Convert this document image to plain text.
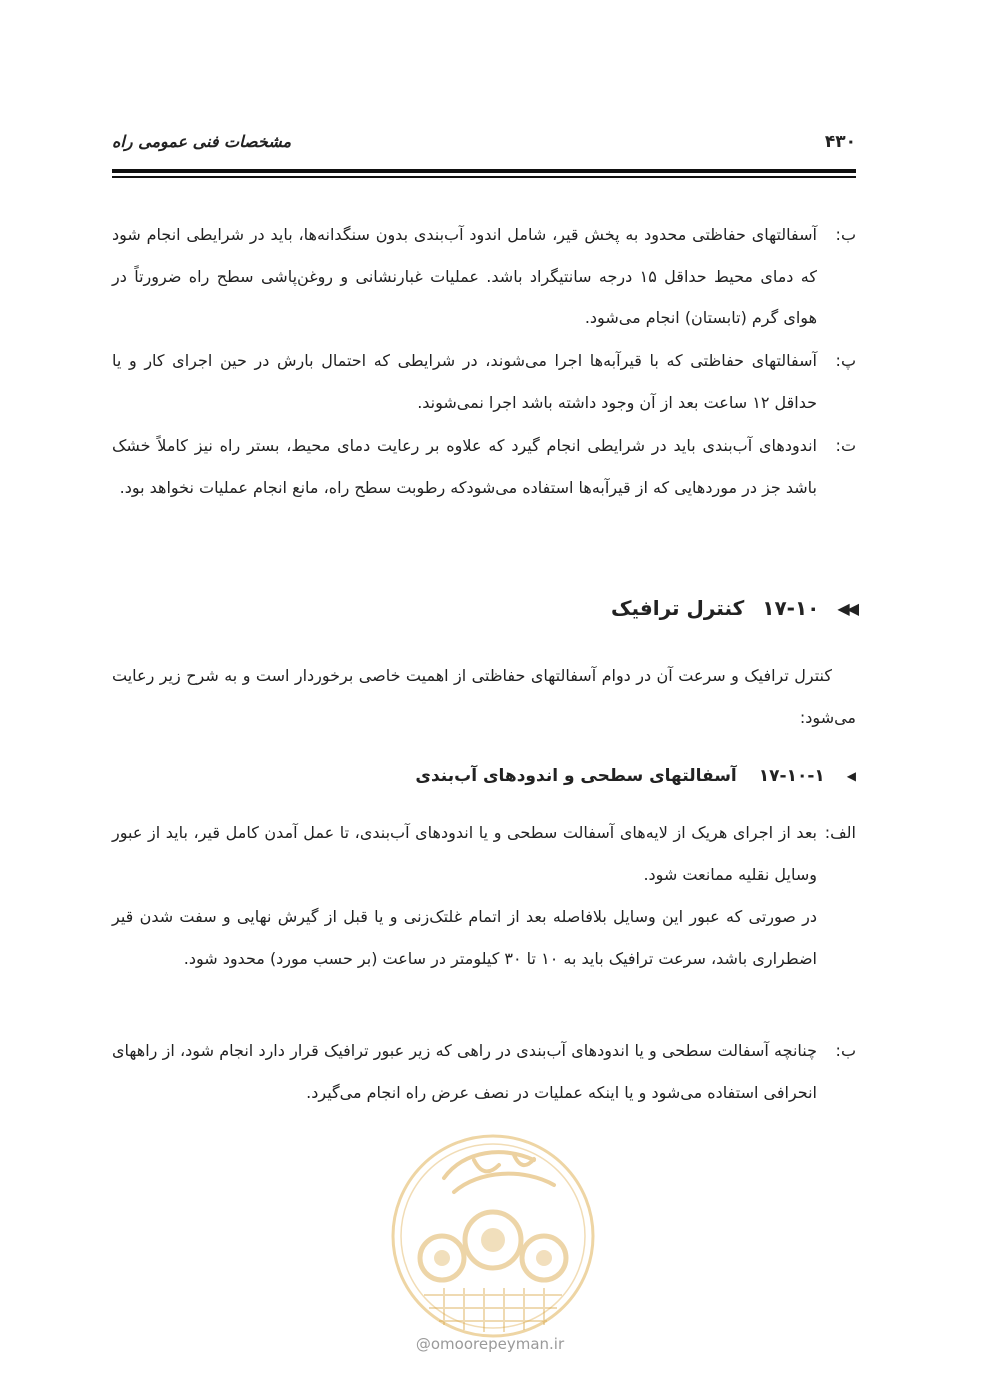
۴۳۰
مشخصات فنی عمومی راه
ب:
آسفالتهای حفاظتی محدود به پخش قیر، شامل اندود آب‌بندی بدون سنگدانه‌ها، باید در شرایطی انجام شود که دمای محیط حداقل ۱۵ درجه سانتیگراد باشد. عملیات غبارنشانی و روغن‌پاشی سطح راه ضرورتاً در هوای گرم (تابستان) انجام می‌شود.
پ:
آسفالتهای حفاظتی که با قیرآبه‌ها اجرا می‌شوند، در شرایطی که احتمال بارش در حین اجرای کار و یا حداقل ۱۲ ساعت بعد از آن وجود داشته باشد اجرا نمی‌شوند.
ت:
اندودهای آب‌بندی باید در شرایطی انجام گیرد که علاوه بر رعایت دمای محیط، بستر راه نیز کاملاً خشک باشد جز در موردهایی که از قیرآبه‌ها استفاده می‌شودکه رطوبت سطح راه، مانع انجام عملیات نخواهد بود.
◀◀
۱۷-۱۰
کنترل ترافیک
کنترل ترافیک و سرعت آن در دوام آسفالتهای حفاظتی از اهمیت خاصی برخوردار است و به شرح زیر رعایت می‌شود:
◀
۱۷-۱۰-۱
آسفالتهای سطحی و اندودهای آب‌بندی
الف:
بعد از اجرای هریک از لایه‌های آسفالت سطحی و یا اندودهای آب‌بندی، تا عمل آمدن کامل قیر، باید از عبور وسایل نقلیه ممانعت شود.
در صورتی که عبور این وسایل بلافاصله بعد از اتمام غلتک‌زنی و یا قبل از گیرش نهایی و سفت شدن قیر اضطراری باشد، سرعت ترافیک باید به ۱۰ تا ۳۰ کیلومتر در ساعت (بر حسب مورد) محدود شود.
ب:
چنانچه آسفالت سطحی و یا اندودهای آب‌بندی در راهی که زیر عبور ترافیک قرار دارد انجام شود، از راههای انحرافی استفاده می‌شود و یا اینکه عملیات در نصف عرض راه انجام می‌گیرد.
@omoorepeyman.ir
